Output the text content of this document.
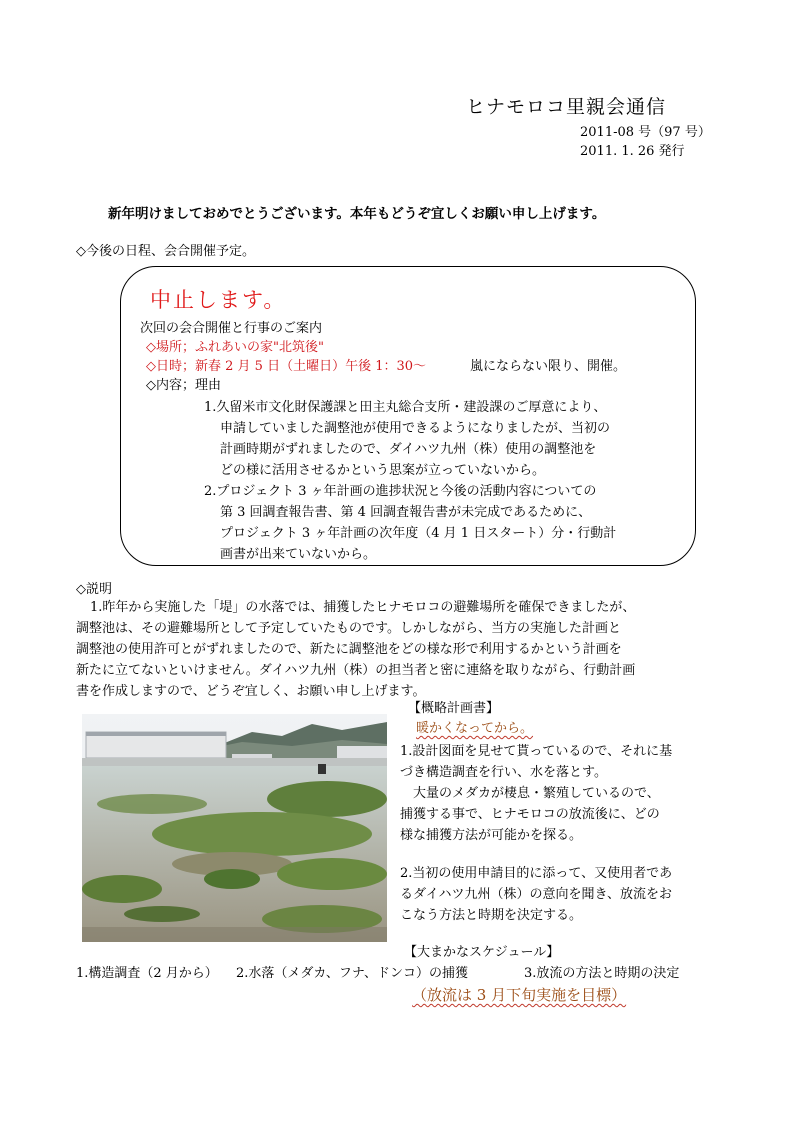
ヒナモロコ里親会通信
2011-08 号（97 号）
2011. 1. 26 発行
新年明けましておめでとうございます。本年もどうぞ宜しくお願い申し上げます。
◇今後の日程、会合開催予定。
中止します。
次回の会合開催と行事のご案内
◇場所；ふれあいの家"北筑後"
◇日時；新春 2 月 5 日（土曜日）午後 1：30～	嵐にならない限り、開催。
◇内容；理由
1.久留米市文化財保護課と田主丸総合支所・建設課のご厚意により、
申請していました調整池が使用できるようになりましたが、当初の
計画時期がずれましたので、ダイハツ九州（株）使用の調整池を
どの様に活用させるかという思案が立っていないから。
2.プロジェクト 3 ヶ年計画の進捗状況と今後の活動内容についての
第 3 回調査報告書、第 4 回調査報告書が未完成であるために、
プロジェクト 3 ヶ年計画の次年度（4 月 1 日スタート）分・行動計
画書が出来ていないから。
◇説明
1.昨年から実施した「堤」の水落では、捕獲したヒナモロコの避難場所を確保できましたが、
調整池は、その避難場所として予定していたものです。しかしながら、当方の実施した計画と
調整池の使用許可とがずれましたので、新たに調整池をどの様な形で利用するかという計画を
新たに立てないといけません。ダイハツ九州（株）の担当者と密に連絡を取りながら、行動計画
書を作成しますので、どうぞ宜しく、お願い申し上げます。
【概略計画書】
暖かくなってから。
1.設計図面を見せて貰っているので、それに基
づき構造調査を行い、水を落とす。
　大量のメダカが棲息・繁殖しているので、
捕獲する事で、ヒナモロコの放流後に、どの
様な捕獲方法が可能かを探る。
2.当初の使用申請目的に添って、又使用者であ
るダイハツ九州（株）の意向を聞き、放流をお
こなう方法と時期を決定する。
【大まかなスケジュール】
1.構造調査（2 月から） 2.水落（メダカ、フナ、ドンコ）の捕獲	3.放流の方法と時期の決定
（放流は 3 月下旬実施を目標）
